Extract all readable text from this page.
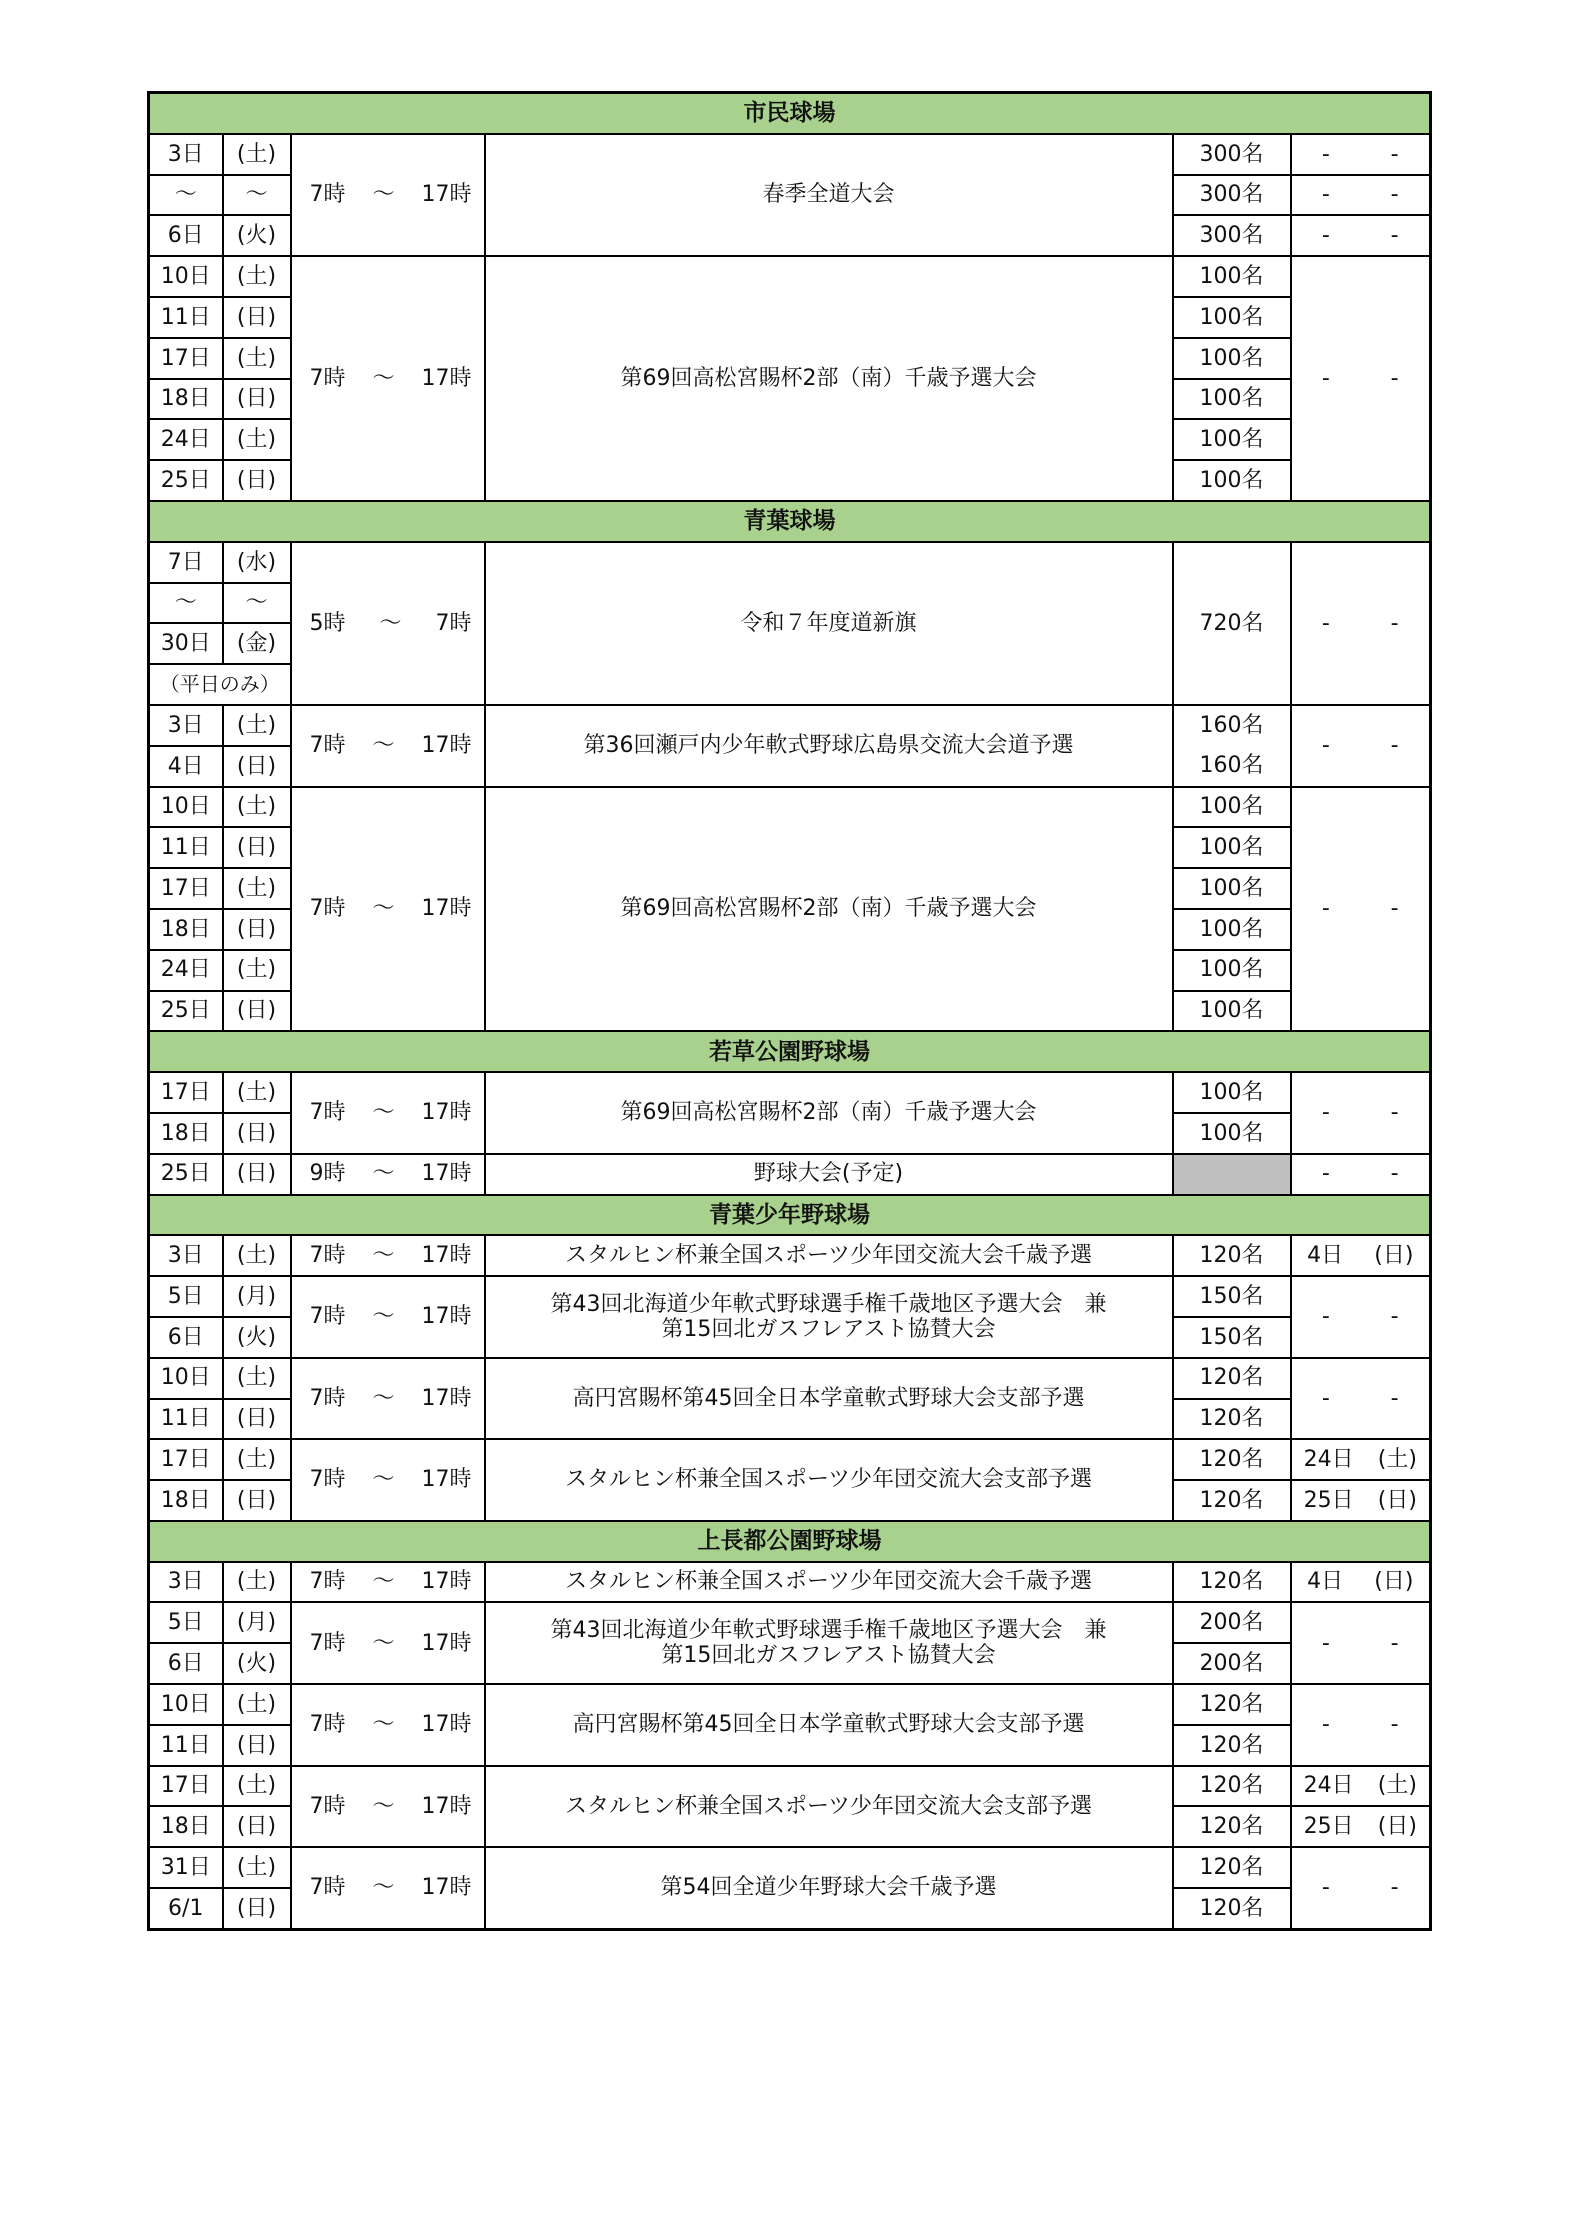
市民球場					
3日	(土)	7時 ～ 17時	春季全道大会	300名	- -

～	～			300名	- -

6日	(火)			300名	- -

10日	(土)	7時 ～ 17時	第69回高松宮賜杯2部（南）千歳予選大会	100名	- -

11日	(日)			100名	
17日	(土)			100名	
18日	(日)			100名	
24日	(土)			100名	
25日	(日)			100名	
青葉球場					
7日	(水)	5時 ～ 7時	令和７年度道新旗	720名	- -

～	～				
30日	(金)				
（平日のみ）					
3日	(土)	7時 ～ 17時	第36回瀬戸内少年軟式野球広島県交流大会道予選	160名	- -

4日	(日)			160名	
10日	(土)	7時 ～ 17時	第69回高松宮賜杯2部（南）千歳予選大会	100名	- -

11日	(日)			100名	
17日	(土)			100名	
18日	(日)			100名	
24日	(土)			100名	
25日	(日)			100名	
若草公園野球場					
17日	(土)	7時 ～ 17時	第69回高松宮賜杯2部（南）千歳予選大会	100名	- -

18日	(日)			100名	
25日	(日)	9時 ～ 17時	野球大会(予定)		- -

青葉少年野球場					
3日	(土)	7時 ～ 17時	スタルヒン杯兼全国スポーツ少年団交流大会千歳予選	120名	4日 (日)

5日	(月)	7時 ～ 17時	第43回北海道少年軟式野球選手権千歳地区予選大会　兼
第15回北ガスフレアスト協賛大会	150名	- -

6日	(火)			150名	
10日	(土)	7時 ～ 17時	高円宮賜杯第45回全日本学童軟式野球大会支部予選	120名	- -

11日	(日)			120名	
17日	(土)	7時 ～ 17時	スタルヒン杯兼全国スポーツ少年団交流大会支部予選	120名	24日 (土)

18日	(日)			120名	25日 (日)

上長都公園野球場					
3日	(土)	7時 ～ 17時	スタルヒン杯兼全国スポーツ少年団交流大会千歳予選	120名	4日 (日)

5日	(月)	7時 ～ 17時	第43回北海道少年軟式野球選手権千歳地区予選大会　兼
第15回北ガスフレアスト協賛大会	200名	- -

6日	(火)			200名	
10日	(土)	7時 ～ 17時	高円宮賜杯第45回全日本学童軟式野球大会支部予選	120名	- -

11日	(日)			120名	
17日	(土)	7時 ～ 17時	スタルヒン杯兼全国スポーツ少年団交流大会支部予選	120名	24日 (土)

18日	(日)			120名	25日 (日)

31日	(土)	7時 ～ 17時	第54回全道少年野球大会千歳予選	120名	- -

6/1	(日)			120名	
